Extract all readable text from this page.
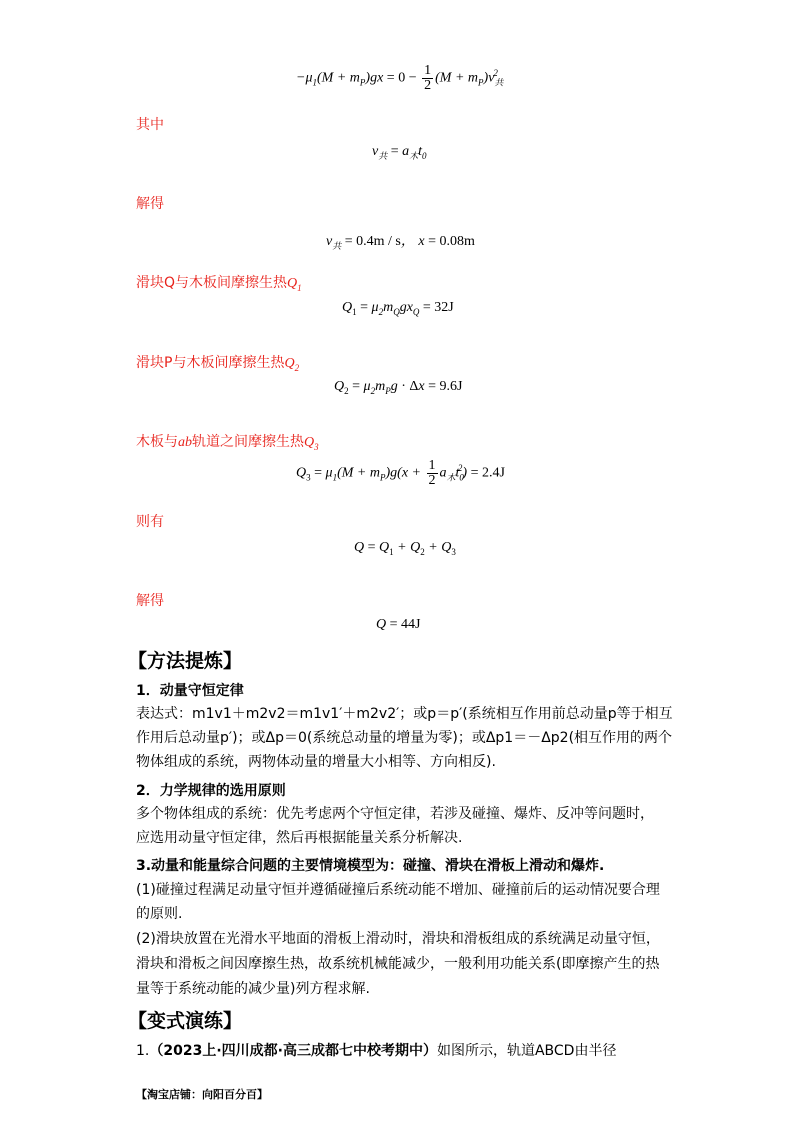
$-\mu_1(M + m_P)gx = 0 - \frac{1}{2} (M + m_P)v_共^2$
其中
$v_共 = a_木t_0$
解得
$v_共 = 0.4m / s$， x = 0.08m
滑块Q与木板间摩擦生热$Q_1$
$Q_1 = \mu_2m_Qgx_Q = 32J$
滑块P与木板间摩擦生热$Q_2$
$Q_2 = \mu_2m_Pg \cdot \Delta x = 9.6J$
木板与ab轨道之间摩擦生热$Q_3$
$Q_3 = \mu_1(M + m_P)g(x + \frac{1}{2} a_木t_0^2) = 2.4J$
则有
$Q = Q_1 + Q_2 + Q_3$
解得
Q = 44J
【方法提炼】
1．动量守恒定律
表达式：m1v1＋m2v2＝m1v1′＋m2v2′；或p＝p′(系统相互作用前总动量p等于相互作用后总动量p′)；或Δp＝0(系统总动量的增量为零)；或Δp1＝－Δp2(相互作用的两个物体组成的系统，两物体动量的增量大小相等、方向相反).
2．力学规律的选用原则
多个物体组成的系统：优先考虑两个守恒定律，若涉及碰撞、爆炸、反冲等问题时，
应选用动量守恒定律，然后再根据能量关系分析解决.
3.动量和能量综合问题的主要情境模型为：碰撞、滑块在滑板上滑动和爆炸.
(1)碰撞过程满足动量守恒并遵循碰撞后系统动能不增加、碰撞前后的运动情况要合理
的原则.
(2)滑块放置在光滑水平地面的滑板上滑动时，滑块和滑板组成的系统满足动量守恒，
滑块和滑板之间因摩擦生热，故系统机械能减少，一般利用功能关系(即摩擦产生的热
量等于系统动能的减少量)列方程求解.
【变式演练】
1.（2023上·四川成都·高三成都七中校考期中）如图所示，轨道ABCD由半径
【淘宝店铺：向阳百分百】
